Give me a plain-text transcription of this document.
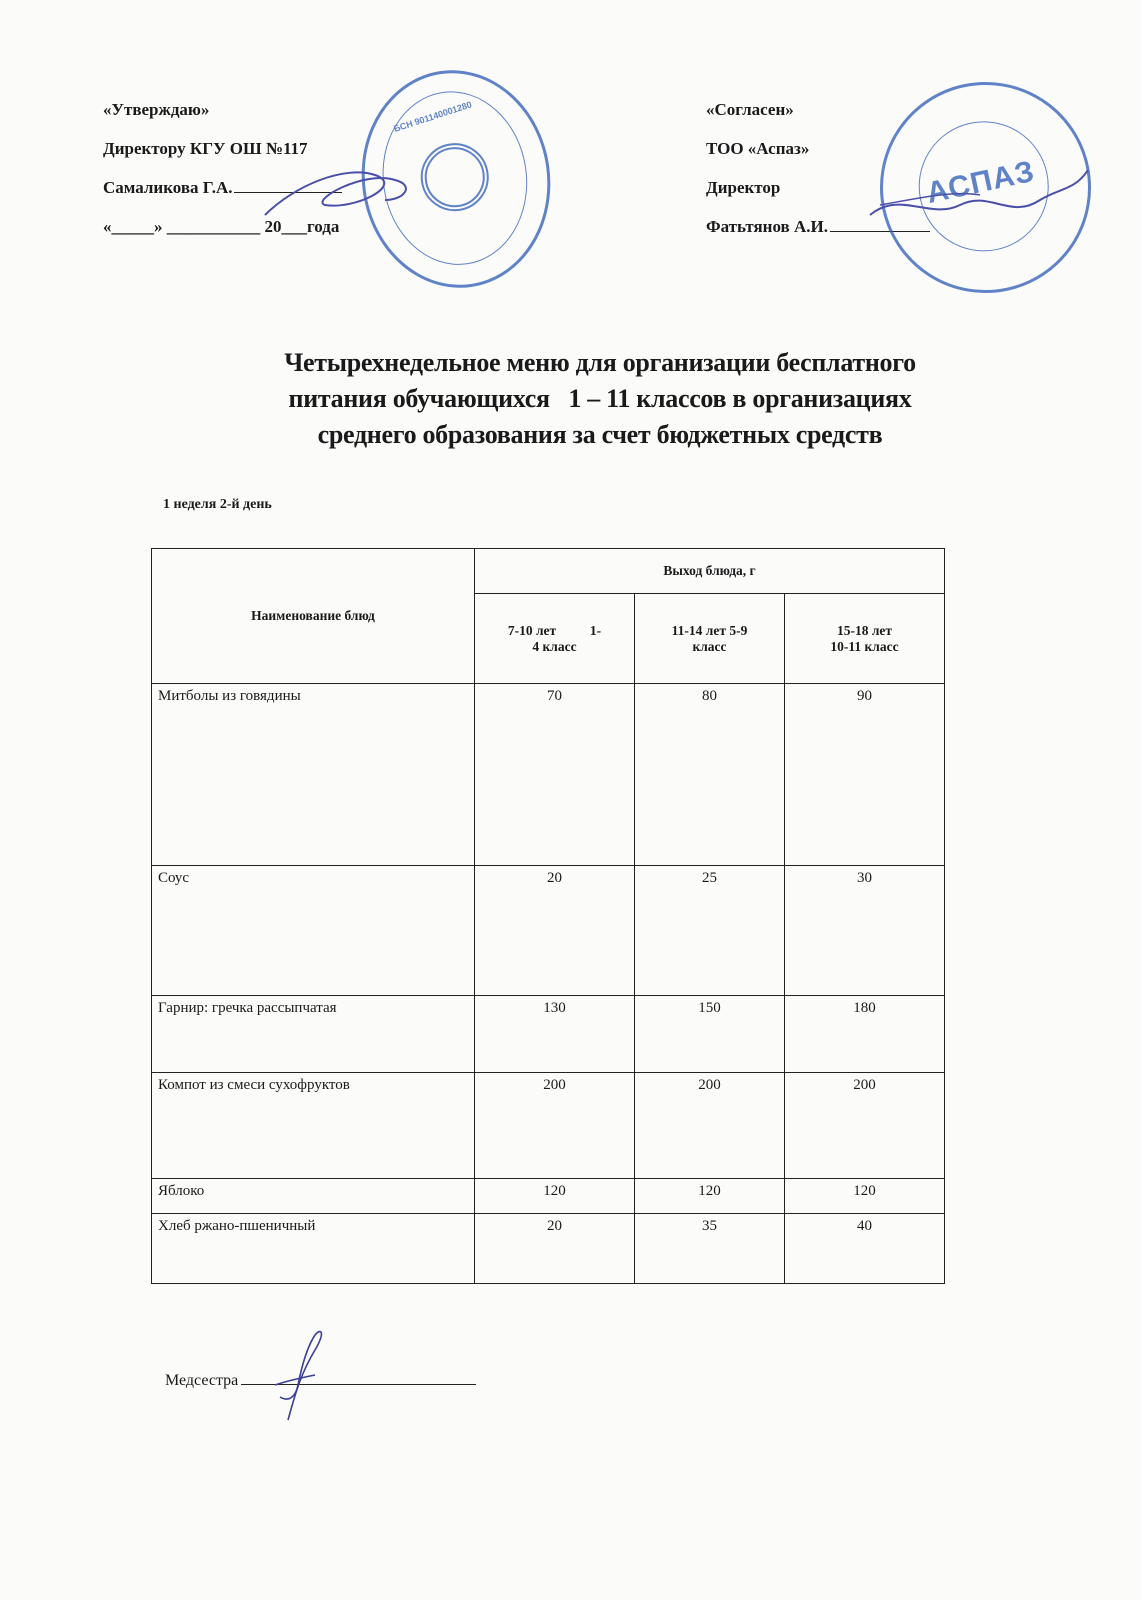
«Утверждаю»
Директору КГУ ОШ №117
Самаликова Г.А.
«_____» ___________ 20___года
БСН 901140001280	«Согласен»
ТОО «Аспаз»
Директор
Фатьтянов А.И.
АСПАЗ
Четырехнедельное меню для организации бесплатного
питания обучающихся   1 – 11 классов в организациях
среднего образования за счет бюджетных средств
1 неделя 2-й день
Наименование блюд	Выход блюда, г		

7-10 лет          1-
4 класс

11-14 лет 5-9
класс

15-18 лет
10-11 класс

Митболы из говядины	70	80	90
Соус	20	25	30
Гарнир: гречка рассыпчатая	130	150	180
Компот из смеси сухофруктов	200	200	200
Яблоко	120	120	120
Хлеб ржано-пшеничный	20	35	40
Медсестра
